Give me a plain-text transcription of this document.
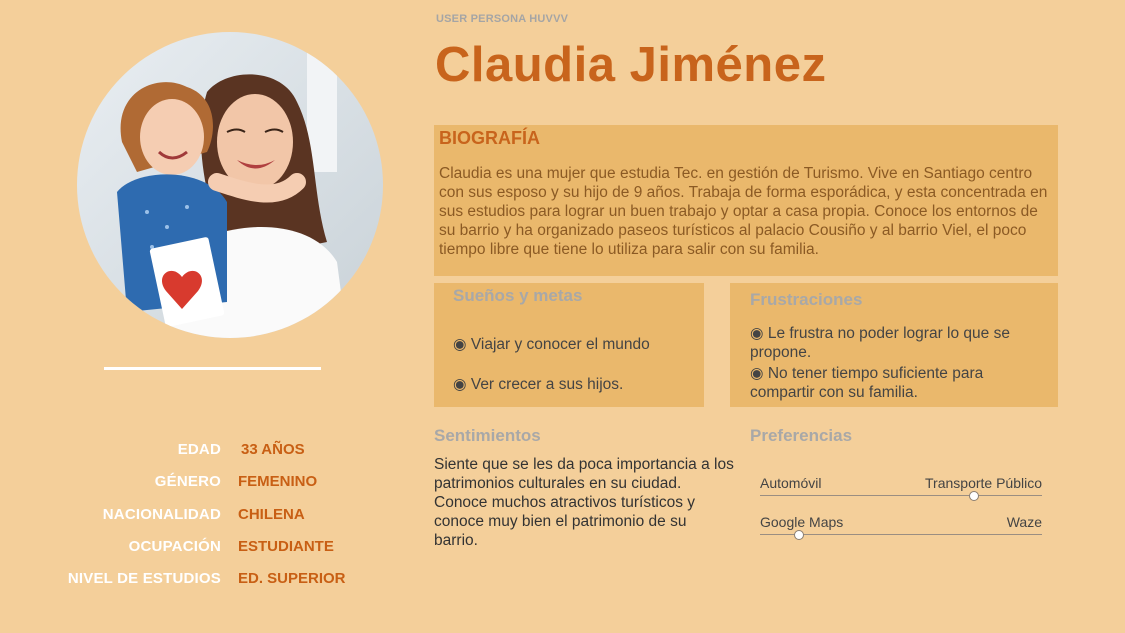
EDAD 33 AÑOS
GÉNERO FEMENINO
NACIONALIDAD CHILENA
OCUPACIÓN ESTUDIANTE
NIVEL DE ESTUDIOS ED. SUPERIOR
USER PERSONA HUVVV
Claudia Jiménez
BIOGRAFÍA
Claudia es una mujer que estudia Tec. en gestión de Turismo. Vive en Santiago centro con sus esposo y su hijo de 9 años. Trabaja de forma esporádica, y esta concentrada en sus estudios para lograr un buen trabajo y optar a casa propia. Conoce los entornos de su barrio y ha organizado paseos turísticos al palacio Cousiño y al barrio Viel, el poco tiempo libre que tiene lo utiliza para salir con su familia.
Sueños y metas
◉ Viajar y conocer el mundo
◉ Ver crecer a sus hijos.
Frustraciones
◉ Le frustra no poder lograr lo que se propone.
◉ No tener tiempo suficiente para compartir con su familia.
Sentimientos
Siente que se les da poca importancia a los patrimonios culturales en su ciudad. Conoce muchos atractivos turísticos y conoce muy bien el patrimonio de su barrio.
Preferencias
Automóvil	Transporte Público
Google Maps	Waze
